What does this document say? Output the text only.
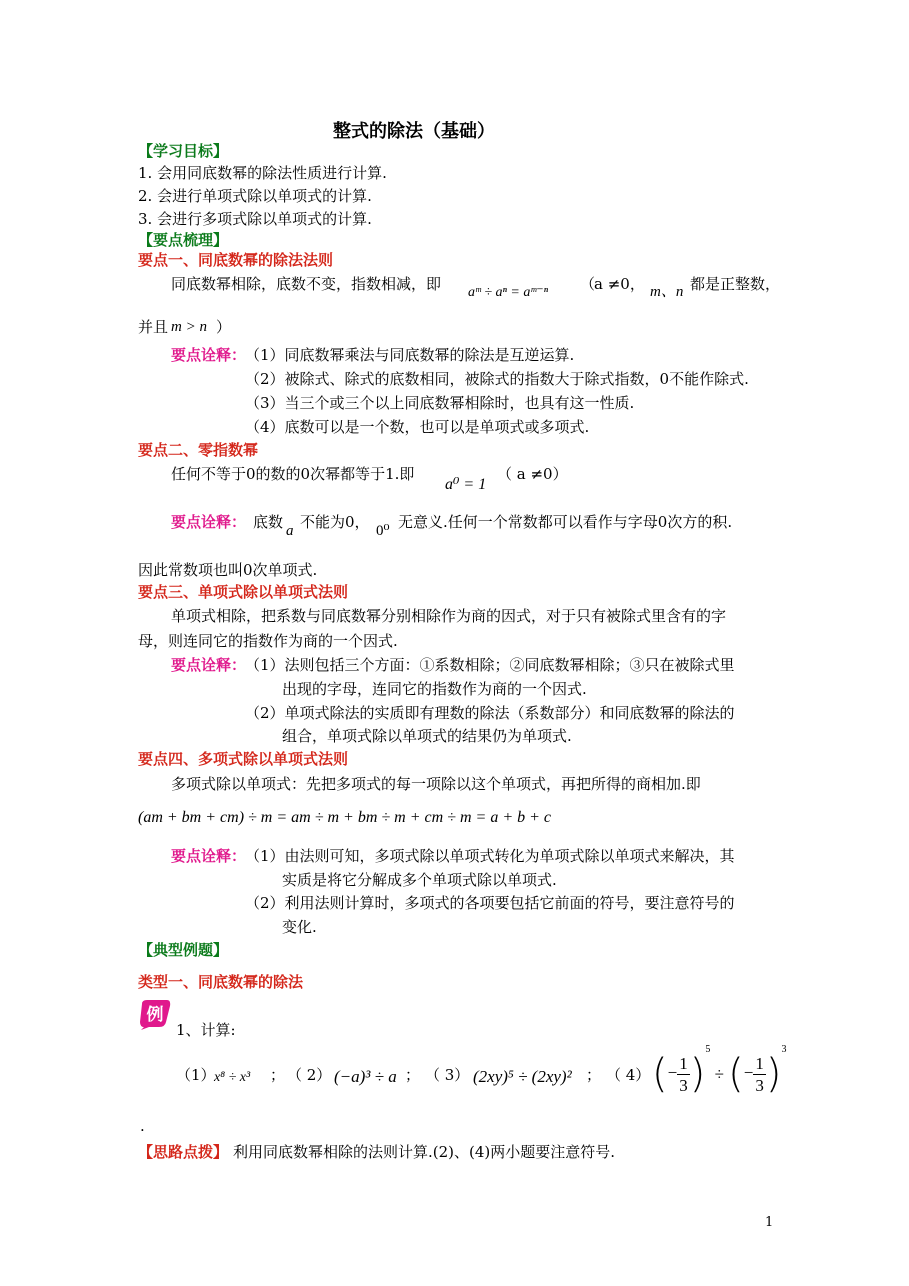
整式的除法（基础）
【学习目标】
1. 会用同底数幂的除法性质进行计算.
2. 会进行单项式除以单项式的计算.
3. 会进行多项式除以单项式的计算.
【要点梳理】
要点一、同底数幂的除法法则
同底数幂相除，底数不变，指数相减，即 aᵐ ÷ aⁿ = aᵐ⁻ⁿ （
a ≠0， m、n 都是正整数，
并且 m > n ）
要点诠释：
（1）同底数幂乘法与同底数幂的除法是互逆运算.
（2）被除式、除式的底数相同，被除式的指数大于除式指数，0不能作除式.
（3）当三个或三个以上同底数幂相除时，也具有这一性质.
（4）底数可以是一个数，也可以是单项式或多项式.
要点二、零指数幂
任何不等于0的数的0次幂都等于1.即
a⁰ = 1
（ a ≠0）
要点诠释： 底数 a 不能为0， 0⁰ 无意义.任何一个常数都可以看作与字母0次方的积.
因此常数项也叫0次单项式.
要点三、单项式除以单项式法则
单项式相除，把系数与同底数幂分别相除作为商的因式，对于只有被除式里含有的字
母，则连同它的指数作为商的一个因式.
要点诠释：
（1）法则包括三个方面：①系数相除；②同底数幂相除；③只在被除式里
出现的字母，连同它的指数作为商的一个因式.
（2）单项式除法的实质即有理数的除法（系数部分）和同底数幂的除法的
组合，单项式除以单项式的结果仍为单项式.
要点四、多项式除以单项式法则
多项式除以单项式：先把多项式的每一项除以这个单项式，再把所得的商相加.即
(am + bm + cm) ÷ m = am ÷ m + bm ÷ m + cm ÷ m = a + b + c
要点诠释：
（1）由法则可知，多项式除以单项式转化为单项式除以单项式来解决，其
实质是将它分解成多个单项式除以单项式.
（2）利用法则计算时，多项式的各项要包括它前面的符号，要注意符号的
变化.
【典型例题】
类型一、同底数幂的除法
例
1、计算:
（1）
x⁸ ÷ x³ ； （ 2） (−a)³ ÷ a ； （ 3） (2xy)⁵ ÷ (2xy)² ； （ 4） (− $\frac{1}{3} )^5$ ÷ (− $\frac{1}{3} )^3$
.
【思路点拨】 利用同底数幂相除的法则计算.(2)、(4)两小题要注意符号.
1
